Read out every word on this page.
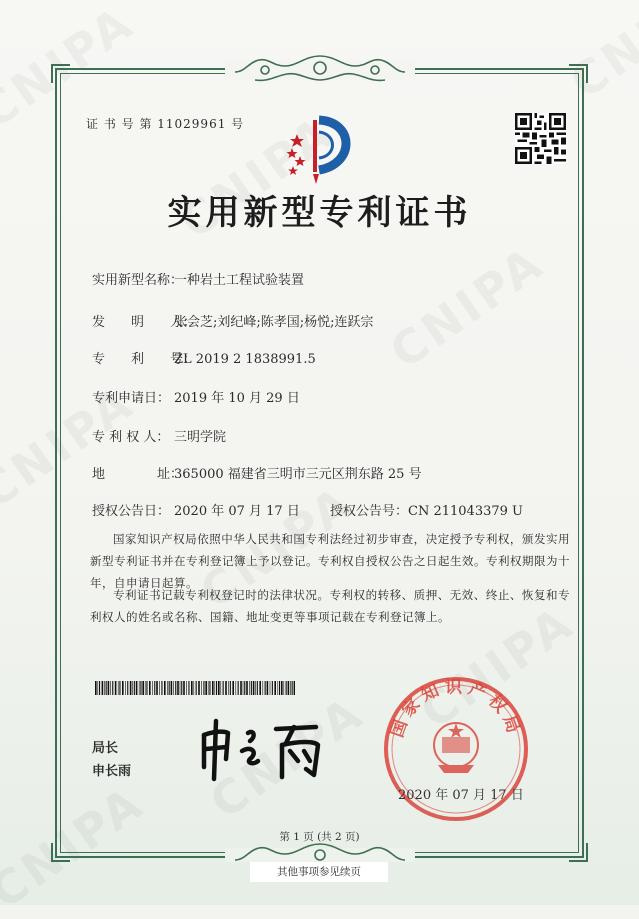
证 书 号 第 11029961 号
实用新型专利证书
实用新型名称：一种岩土工程试验装置
发　　明　　人：张会芝;刘纪峰;陈孝国;杨悦;连跃宗
专　　利　　号：ZL 2019 2 1838991.5
专利申请日： 2019 年 10 月 29 日
专 利 权 人： 三明学院
地　　　　址：365000 福建省三明市三元区荆东路 25 号
授权公告日： 2020 年 07 月 17 日 授权公告号：CN 211043379 U
国家知识产权局依照中华人民共和国专利法经过初步审查，决定授予专利权，颁发实用新型专利证书并在专利登记簿上予以登记。专利权自授权公告之日起生效。专利权期限为十年，自申请日起算。
专利证书记载专利权登记时的法律状况。专利权的转移、质押、无效、终止、恢复和专利权人的姓名或名称、国籍、地址变更等事项记载在专利登记簿上。
局长
申长雨
国家知识产权局
2020 年 07 月 17 日
第 1 页 (共 2 页)
其他事项参见续页
